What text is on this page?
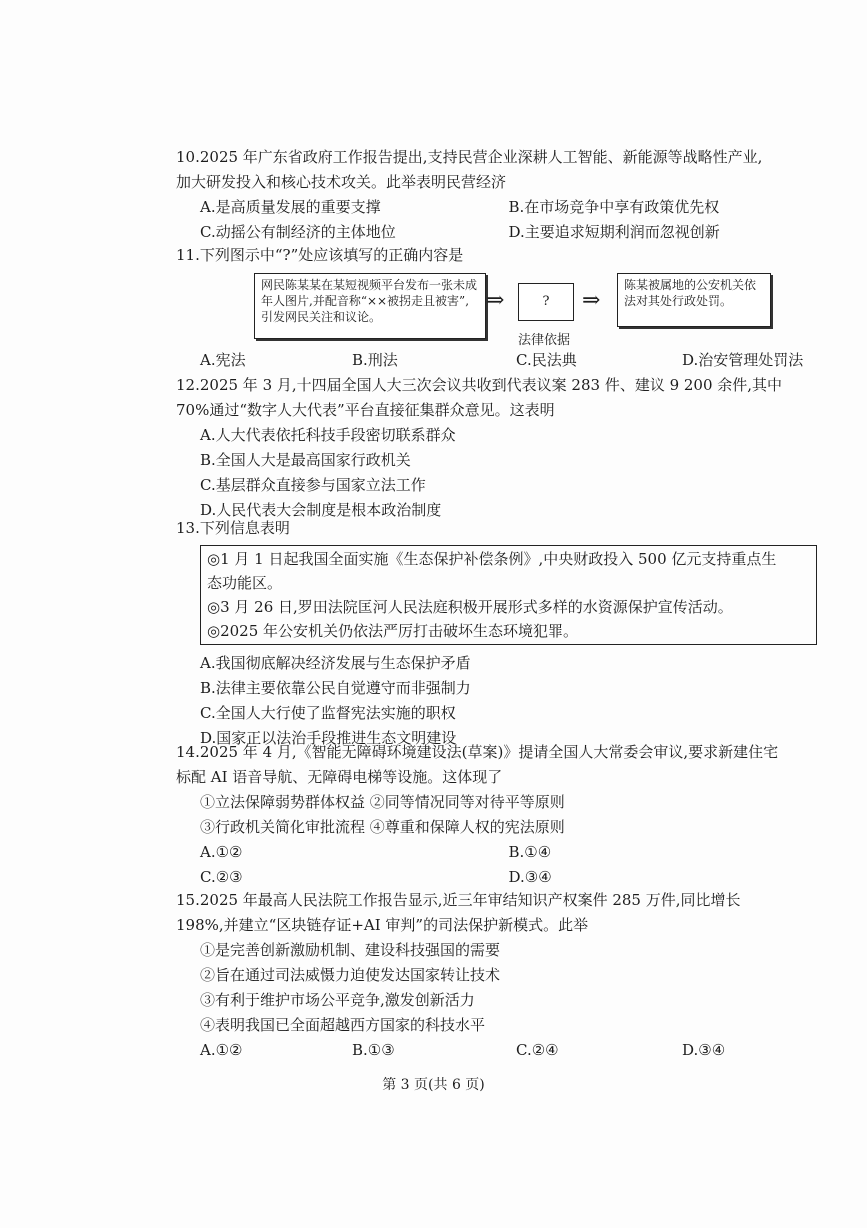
10.2025 年广东省政府工作报告提出,支持民营企业深耕人工智能、新能源等战略性产业,
加大研发投入和核心技术攻关。此举表明民营经济
A.是高质量发展的重要支撑	B.在市场竞争中享有政策优先权
C.动摇公有制经济的主体地位	D.主要追求短期利润而忽视创新
11.下列图示中“?”处应该填写的正确内容是
网民陈某某在某短视频平台发布一张未成年人图片,并配音称“××被拐走且被害”,引发网民关注和议论。
⇒	?	⇒
陈某被属地的公安机关依法对其处行政处罚。
法律依据
A.宪法	B.刑法	C.民法典	D.治安管理处罚法
12.2025 年 3 月,十四届全国人大三次会议共收到代表议案 283 件、建议 9 200 余件,其中
70%通过“数字人大代表”平台直接征集群众意见。这表明
A.人大代表依托科技手段密切联系群众
B.全国人大是最高国家行政机关
C.基层群众直接参与国家立法工作
D.人民代表大会制度是根本政治制度
13.下列信息表明
◎1 月 1 日起我国全面实施《生态保护补偿条例》,中央财政投入 500 亿元支持重点生
态功能区。
◎3 月 26 日,罗田法院匡河人民法庭积极开展形式多样的水资源保护宣传活动。
◎2025 年公安机关仍依法严厉打击破坏生态环境犯罪。
A.我国彻底解决经济发展与生态保护矛盾
B.法律主要依靠公民自觉遵守而非强制力
C.全国人大行使了监督宪法实施的职权
D.国家正以法治手段推进生态文明建设
14.2025 年 4 月,《智能无障碍环境建设法(草案)》提请全国人大常委会审议,要求新建住宅
标配 AI 语音导航、无障碍电梯等设施。这体现了
①立法保障弱势群体权益 ②同等情况同等对待平等原则
③行政机关简化审批流程 ④尊重和保障人权的宪法原则
A.①②	B.①④
C.②③	D.③④
15.2025 年最高人民法院工作报告显示,近三年审结知识产权案件 285 万件,同比增长
198%,并建立“区块链存证+AI 审判”的司法保护新模式。此举
①是完善创新激励机制、建设科技强国的需要
②旨在通过司法威慑力迫使发达国家转让技术
③有利于维护市场公平竞争,激发创新活力
④表明我国已全面超越西方国家的科技水平
A.①②	B.①③	C.②④	D.③④
第 3 页(共 6 页)
